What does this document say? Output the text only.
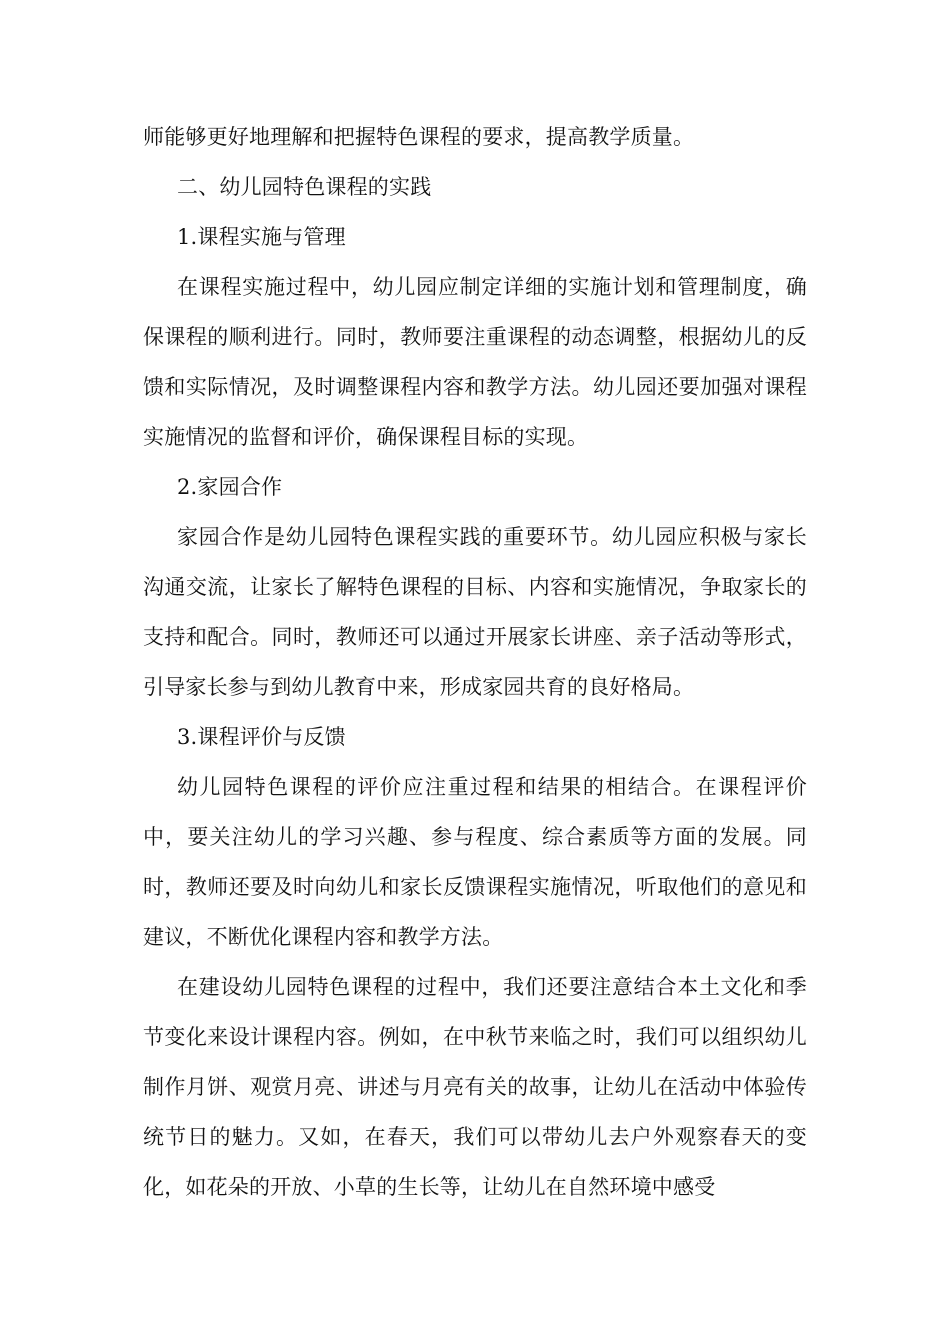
师能够更好地理解和把握特色课程的要求，提高教学质量。

二、幼儿园特色课程的实践

1.课程实施与管理

在课程实施过程中，幼儿园应制定详细的实施计划和管理制度，确保课程的顺利进行。同时，教师要注重课程的动态调整，根据幼儿的反馈和实际情况，及时调整课程内容和教学方法。幼儿园还要加强对课程实施情况的监督和评价，确保课程目标的实现。

2.家园合作

家园合作是幼儿园特色课程实践的重要环节。幼儿园应积极与家长沟通交流，让家长了解特色课程的目标、内容和实施情况，争取家长的支持和配合。同时，教师还可以通过开展家长讲座、亲子活动等形式，引导家长参与到幼儿教育中来，形成家园共育的良好格局。

3.课程评价与反馈

幼儿园特色课程的评价应注重过程和结果的相结合。在课程评价中，要关注幼儿的学习兴趣、参与程度、综合素质等方面的发展。同时，教师还要及时向幼儿和家长反馈课程实施情况，听取他们的意见和建议，不断优化课程内容和教学方法。

在建设幼儿园特色课程的过程中，我们还要注意结合本土文化和季节变化来设计课程内容。例如，在中秋节来临之时，我们可以组织幼儿制作月饼、观赏月亮、讲述与月亮有关的故事，让幼儿在活动中体验传统节日的魅力。又如，在春天，我们可以带幼儿去户外观察春天的变化，如花朵的开放、小草的生长等，让幼儿在自然环境中感受
